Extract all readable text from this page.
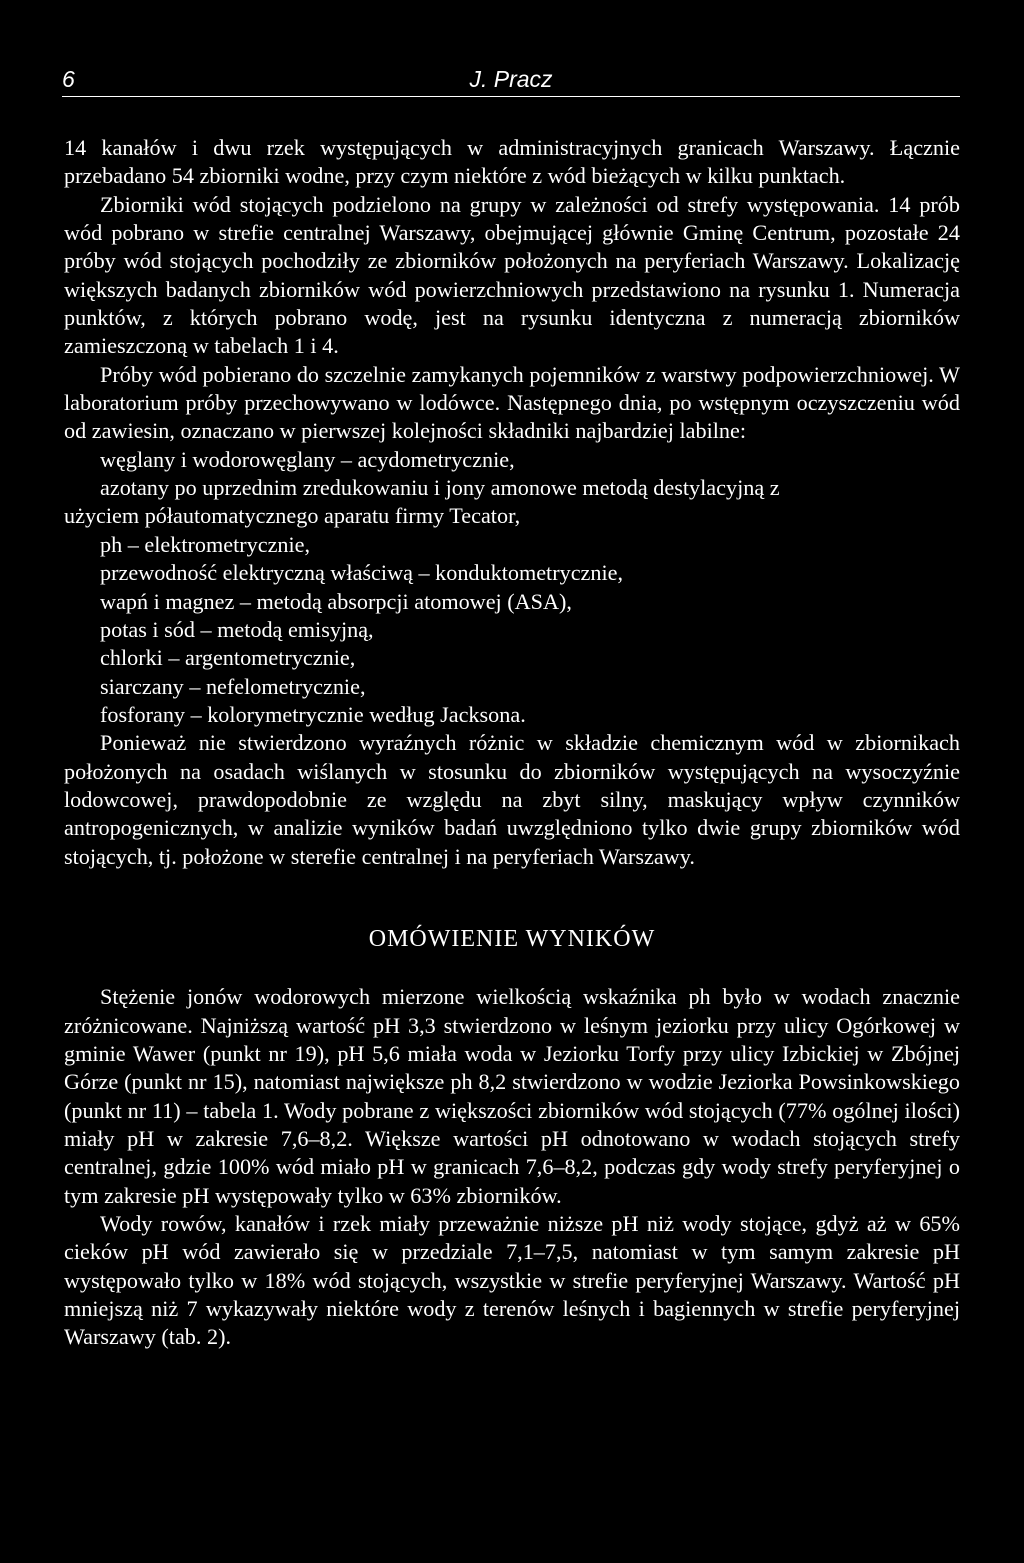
6	J. Pracz

14 kanałów i dwu rzek występujących w administracyjnych granicach Warszawy. Łącznie przebadano 54 zbiorniki wodne, przy czym niektóre z wód bieżących w kilku punktach.

Zbiorniki wód stojących podzielono na grupy w zależności od strefy występowania. 14 prób wód pobrano w strefie centralnej Warszawy, obejmującej głównie Gminę Centrum, pozostałe 24 próby wód stojących pochodziły ze zbiorników położonych na peryferiach Warszawy. Lokalizację większych badanych zbiorników wód powierzchniowych przedstawiono na rysunku 1. Numeracja punktów, z których pobrano wodę, jest na rysunku identyczna z numeracją zbiorników zamieszczoną w tabelach 1 i 4.

Próby wód pobierano do szczelnie zamykanych pojemników z warstwy podpowierzchniowej. W laboratorium próby przechowywano w lodówce. Następnego dnia, po wstępnym oczyszczeniu wód od zawiesin, oznaczano w pierwszej kolejności składniki najbardziej labilne:

węglany i wodorowęglany – acydometrycznie,

azotany po uprzednim zredukowaniu i jony amonowe metodą destylacyjną z

użyciem półautomatycznego aparatu firmy Tecator,

ph – elektrometrycznie,

przewodność elektryczną właściwą – konduktometrycznie,

wapń i magnez – metodą absorpcji atomowej (ASA),

potas i sód – metodą emisyjną,

chlorki – argentometrycznie,

siarczany – nefelometrycznie,

fosforany – kolorymetrycznie według Jacksona.

Ponieważ nie stwierdzono wyraźnych różnic w składzie chemicznym wód w zbiornikach położonych na osadach wiślanych w stosunku do zbiorników występujących na wysoczyźnie lodowcowej, prawdopodobnie ze względu na zbyt silny, maskujący wpływ czynników antropogenicznych, w analizie wyników badań uwzględniono tylko dwie grupy zbiorników wód stojących, tj. położone w sterefie centralnej i na peryferiach Warszawy.

OMÓWIENIE WYNIKÓW

Stężenie jonów wodorowych mierzone wielkością wskaźnika ph było w wodach znacznie zróżnicowane. Najniższą wartość pH 3,3 stwierdzono w leśnym jeziorku przy ulicy Ogórkowej w gminie Wawer (punkt nr 19), pH 5,6 miała woda w Jeziorku Torfy przy ulicy Izbickiej w Zbójnej Górze (punkt nr 15), natomiast największe ph 8,2 stwierdzono w wodzie Jeziorka Powsinkowskiego (punkt nr 11) – tabela 1. Wody pobrane z większości zbiorników wód stojących (77% ogólnej ilości) miały pH w zakresie 7,6–8,2. Większe wartości pH odnotowano w wodach stojących strefy centralnej, gdzie 100% wód miało pH w granicach 7,6–8,2, podczas gdy wody strefy peryferyjnej o tym zakresie pH występowały tylko w 63% zbiorników.

Wody rowów, kanałów i rzek miały przeważnie niższe pH niż wody stojące, gdyż aż w 65% cieków pH wód zawierało się w przedziale 7,1–7,5, natomiast w tym samym zakresie pH występowało tylko w 18% wód stojących, wszystkie w strefie peryferyjnej Warszawy. Wartość pH mniejszą niż 7 wykazywały niektóre wody z terenów leśnych i bagiennych w strefie peryferyjnej Warszawy (tab. 2).
